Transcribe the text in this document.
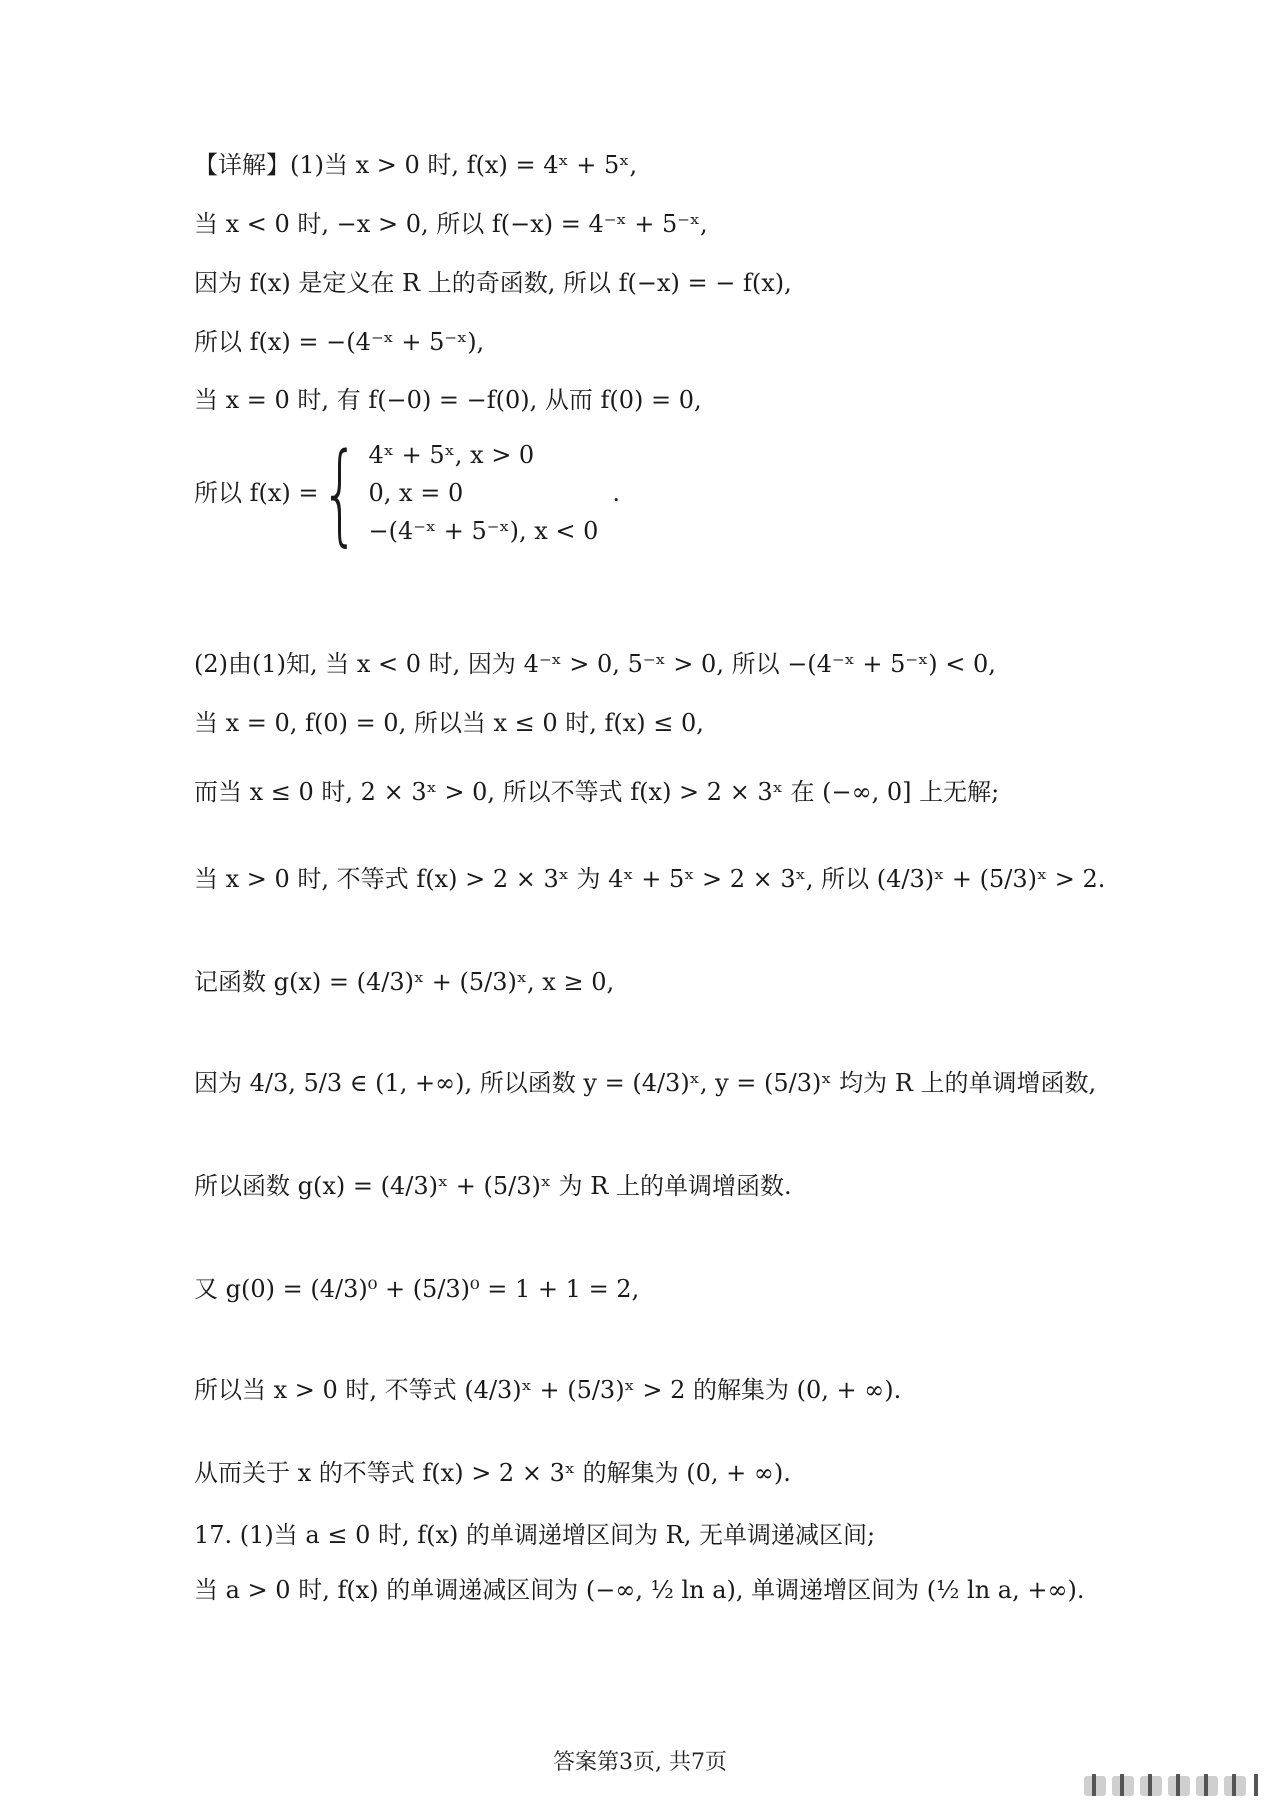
【详解】(1)当 x > 0 时, f(x) = 4ˣ + 5ˣ,
当 x < 0 时, −x > 0, 所以 f(−x) = 4⁻ˣ + 5⁻ˣ,
因为 f(x) 是定义在 R 上的奇函数, 所以 f(−x) = − f(x),
所以 f(x) = −(4⁻ˣ + 5⁻ˣ),
当 x = 0 时, 有 f(−0) = −f(0), 从而 f(0) = 0,
所以 f(x) = { 4ˣ + 5ˣ, x > 0
0, x = 0
−(4⁻ˣ + 5⁻ˣ), x < 0
.
(2)由(1)知, 当 x < 0 时, 因为 4⁻ˣ > 0, 5⁻ˣ > 0, 所以 −(4⁻ˣ + 5⁻ˣ) < 0,
当 x = 0, f(0) = 0, 所以当 x ≤ 0 时, f(x) ≤ 0,
而当 x ≤ 0 时, 2 × 3ˣ > 0, 所以不等式 f(x) > 2 × 3ˣ 在 (−∞, 0] 上无解;
当 x > 0 时, 不等式 f(x) > 2 × 3ˣ 为 4ˣ + 5ˣ > 2 × 3ˣ, 所以 (4/3)ˣ + (5/3)ˣ > 2.
记函数 g(x) = (4/3)ˣ + (5/3)ˣ, x ≥ 0,
因为 4/3, 5/3 ∈ (1, +∞), 所以函数 y = (4/3)ˣ, y = (5/3)ˣ 均为 R 上的单调增函数,
所以函数 g(x) = (4/3)ˣ + (5/3)ˣ 为 R 上的单调增函数.
又 g(0) = (4/3)⁰ + (5/3)⁰ = 1 + 1 = 2,
所以当 x > 0 时, 不等式 (4/3)ˣ + (5/3)ˣ > 2 的解集为 (0, + ∞).
从而关于 x 的不等式 f(x) > 2 × 3ˣ 的解集为 (0, + ∞).
17. (1)当 a ≤ 0 时, f(x) 的单调递增区间为 R, 无单调递减区间;
当 a > 0 时, f(x) 的单调递减区间为 (−∞, ½ ln a), 单调递增区间为 (½ ln a, +∞).
答案第3页, 共7页
